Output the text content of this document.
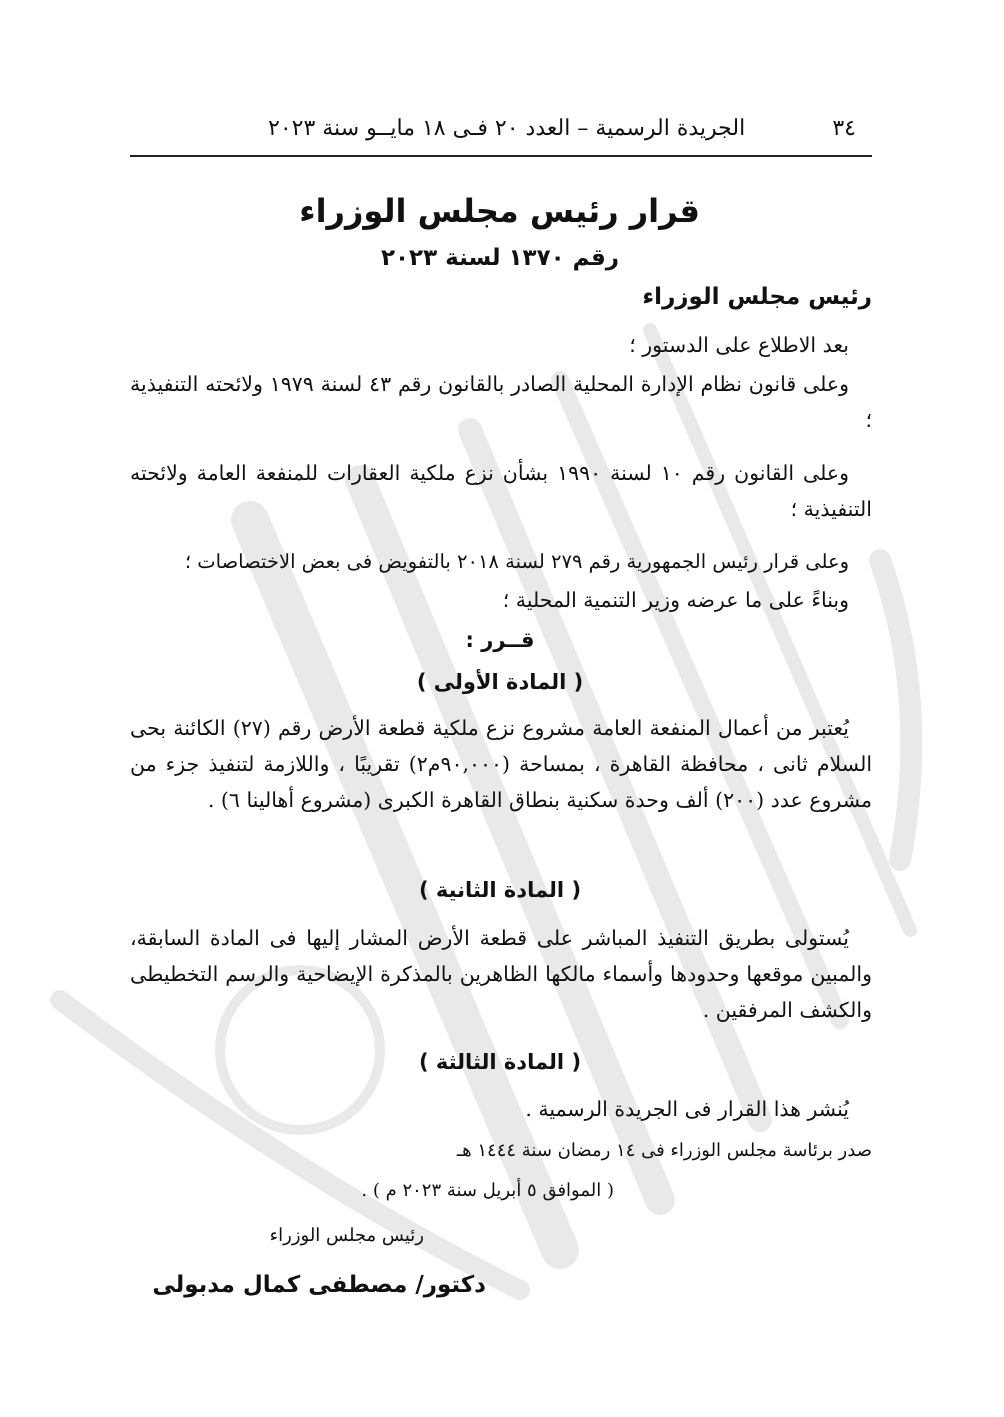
٣٤
الجريدة الرسمية – العدد ٢٠ فـى ١٨ مايــو سنة ٢٠٢٣
قرار رئيس مجلس الوزراء
رقم ١٣٧٠ لسنة ٢٠٢٣
رئيس مجلس الوزراء
بعد الاطلاع على الدستور ؛
وعلى قانون نظام الإدارة المحلية الصادر بالقانون رقم ٤٣ لسنة ١٩٧٩ ولائحته التنفيذية ؛
وعلى القانون رقم ١٠ لسنة ١٩٩٠ بشأن نزع ملكية العقارات للمنفعة العامة ولائحته التنفيذية ؛
وعلى قرار رئيس الجمهورية رقم ٢٧٩ لسنة ٢٠١٨ بالتفويض فى بعض الاختصاصات ؛
وبناءً على ما عرضه وزير التنمية المحلية ؛
قــرر :
( المادة الأولى )
يُعتبر من أعمال المنفعة العامة مشروع نزع ملكية قطعة الأرض رقم (٢٧) الكائنة بحى السلام ثانى ، محافظة القاهرة ، بمساحة (٩٠,٠٠٠م٢) تقريبًا ، واللازمة لتنفيذ جزء من مشروع عدد (٢٠٠) ألف وحدة سكنية بنطاق القاهرة الكبرى (مشروع أهالينا ٦) .
( المادة الثانية )
يُستولى بطريق التنفيذ المباشر على قطعة الأرض المشار إليها فى المادة السابقة، والمبين موقعها وحدودها وأسماء مالكها الظاهرين بالمذكرة الإيضاحية والرسم التخطيطى والكشف المرفقين .
( المادة الثالثة )
يُنشر هذا القرار فى الجريدة الرسمية .
صدر برئاسة مجلس الوزراء فى ١٤ رمضان سنة ١٤٤٤ هـ
( الموافق ٥ أبريل سنة ٢٠٢٣ م ) .
رئيس مجلس الوزراء
دكتور/ مصطفى كمال مدبولى
